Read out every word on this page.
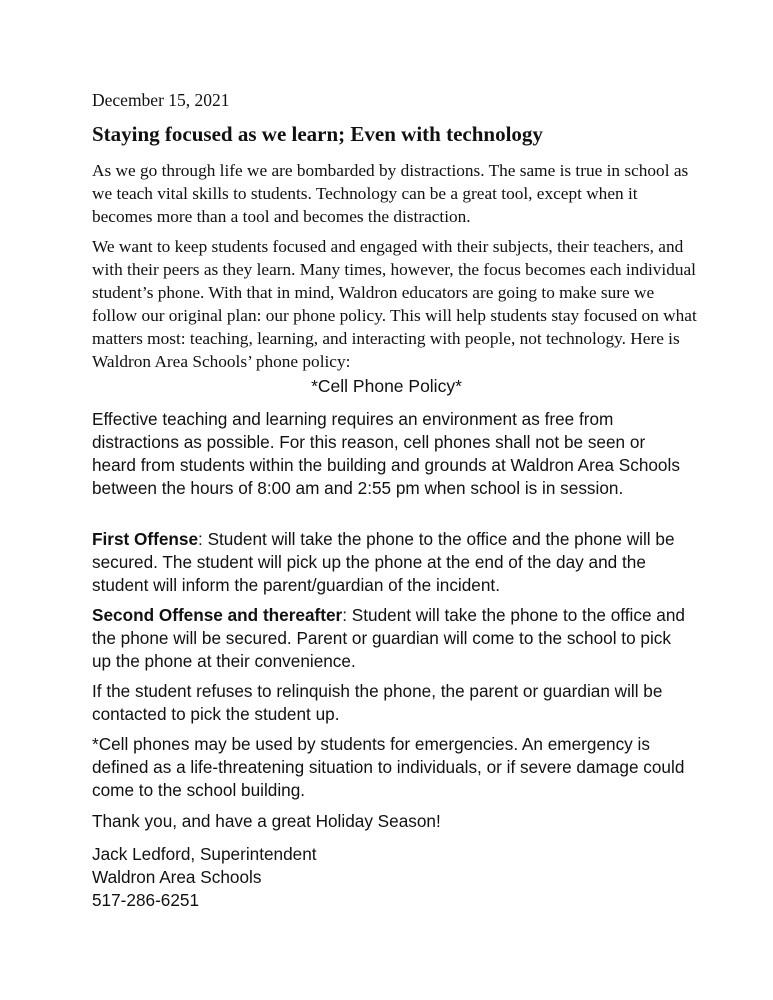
December 15, 2021

Staying focused as we learn; Even with technology

As we go through life we are bombarded by distractions. The same is true in school as we teach vital skills to students. Technology can be a great tool, except when it becomes more than a tool and becomes the distraction.

We want to keep students focused and engaged with their subjects, their teachers, and with their peers as they learn. Many times, however, the focus becomes each individual student’s phone. With that in mind, Waldron educators are going to make sure we follow our original plan: our phone policy. This will help students stay focused on what matters most: teaching, learning, and interacting with people, not technology. Here is Waldron Area Schools’ phone policy:

*Cell Phone Policy*

Effective teaching and learning requires an environment as free from distractions as possible. For this reason, cell phones shall not be seen or heard from students within the building and grounds at Waldron Area Schools between the hours of 8:00 am and 2:55 pm when school is in session.

First Offense: Student will take the phone to the office and the phone will be secured. The student will pick up the phone at the end of the day and the student will inform the parent/guardian of the incident.

Second Offense and thereafter: Student will take the phone to the office and the phone will be secured. Parent or guardian will come to the school to pick up the phone at their convenience.

If the student refuses to relinquish the phone, the parent or guardian will be contacted to pick the student up.

*Cell phones may be used by students for emergencies. An emergency is defined as a life-threatening situation to individuals, or if severe damage could come to the school building.

Thank you, and have a great Holiday Season!

Jack Ledford, Superintendent
Waldron Area Schools
517-286-6251
